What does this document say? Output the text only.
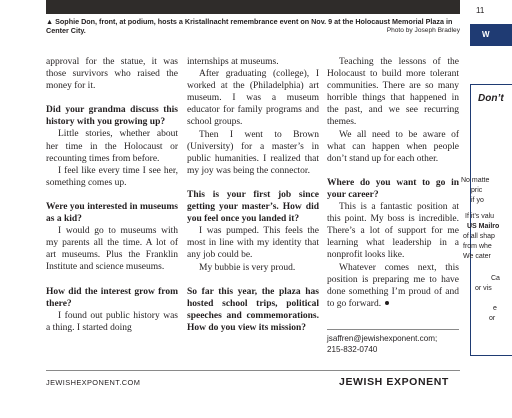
11
W
▲ Sophie Don, front, at podium, hosts a Kristallnacht remembrance event on Nov. 9 at the Holocaust Memorial Plaza in Center City.	Photo by Joseph Bradley

approval for the statue, it was those survivors who raised the money for it.

Did your grandma discuss this history with you growing up?

Little stories, whether about her time in the Holocaust or recounting times from before.

I feel like every time I see her, something comes up.

Were you interested in museums as a kid?

I would go to museums with my parents all the time. A lot of art museums. Plus the Franklin Institute and science museums.

How did the interest grow from there?

I found out public history was a thing. I started doing

internships at museums.

After graduating (college), I worked at the (Philadelphia) art museum. I was a museum educator for family programs and school groups.

Then I went to Brown (University) for a master’s in public humanities. I realized that my joy was being the connector.

This is your first job since getting your master’s. How did you feel once you landed it?

I was pumped. This feels the most in line with my identity that any job could be.

My bubbie is very proud.

So far this year, the plaza has hosted school trips, political speeches and commemorations. How do you view its mission?

Teaching the lessons of the Holocaust to build more tolerant communities. There are so many horrible things that happened in the past, and we see recurring themes.

We all need to be aware of what can happen when people don’t stand up for each other.

Where do you want to go in your career?

This is a fantastic position at this point. My boss is incredible. There’s a lot of support for me learning what leadership in a nonprofit looks like.

Whatever comes next, this position is preparing me to have done something I’m proud of and to go forward.

jsaffren@jewishexponent.com;
215-832-0740
Don’t
No matte
pric
if yo
If it’s valu
US Mailro
of all shap
from whe
We cater
Ca
or vis
e
or
JEWISHEXPONENT.COM	JEWISH EXPONENT
